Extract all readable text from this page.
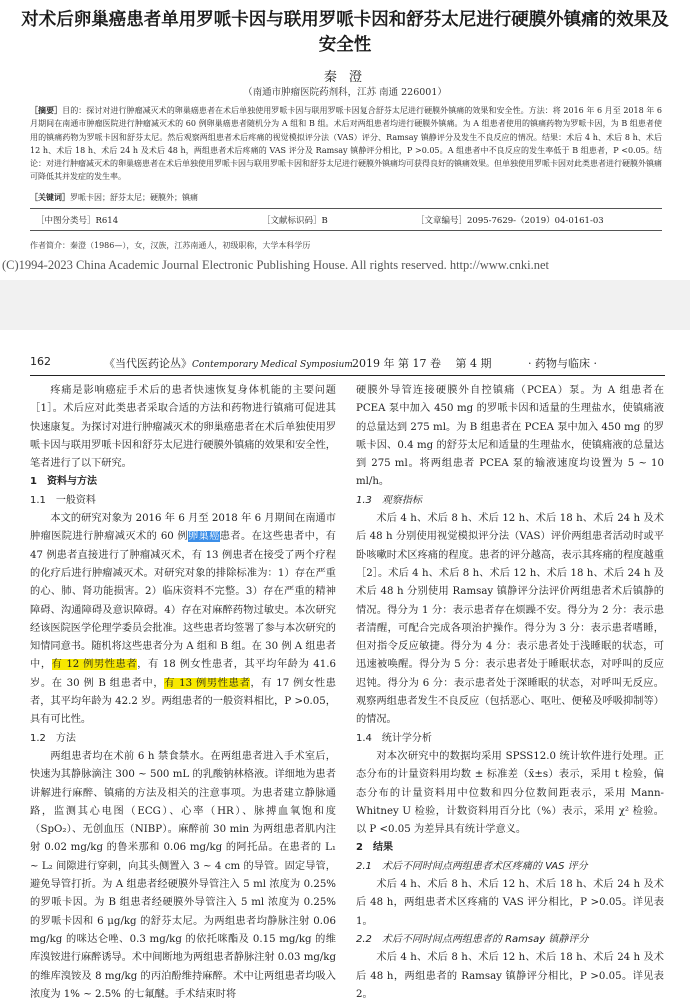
对术后卵巢癌患者单用罗哌卡因与联用罗哌卡因和舒芬太尼进行硬膜外镇痛的效果及安全性
秦 澄
（南通市肿瘤医院药剂科，江苏 南通 226001）
［摘要］目的：探讨对进行肿瘤减灭术的卵巢癌患者在术后单独使用罗哌卡因与联用罗哌卡因复合舒芬太尼进行硬膜外镇痛的效果和安全性。方法：将 2016 年 6 月至 2018 年 6 月期间在南通市肿瘤医院进行肿瘤减灭术的 60 例卵巢癌患者随机分为 A 组和 B 组。术后对两组患者均进行硬膜外镇痛。为 A 组患者使用的镇痛药物为罗哌卡因，为 B 组患者使用的镇痛药物为罗哌卡因和舒芬太尼。然后观察两组患者术后疼痛的视觉模拟评分法（VAS）评分、Ramsay 镇静评分及发生不良反应的情况。结果：术后 4 h、术后 8 h、术后 12 h、术后 18 h、术后 24 h 及术后 48 h，两组患者术后疼痛的 VAS 评分及 Ramsay 镇静评分相比，P >0.05。A 组患者中不良反应的发生率低于 B 组患者，P <0.05。结论：对进行肿瘤减灭术的卵巢癌患者在术后单独使用罗哌卡因与联用罗哌卡因和舒芬太尼进行硬膜外镇痛均可获得良好的镇痛效果。但单独使用罗哌卡因对此类患者进行硬膜外镇痛可降低其并发症的发生率。
［关键词］罗哌卡因；舒芬太尼；硬膜外；镇痛
［中图分类号］R614	［文献标识码］B	［文章编号］2095-7629-（2019）04-0161-03
作者简介：秦澄（1986—），女，汉族，江苏南通人，初级职称，大学本科学历
(C)1994-2023 China Academic Journal Electronic Publishing House. All rights reserved. http://www.cnki.net
162	《当代医药论丛》Contemporary Medical Symposium 2019 年 第 17 卷　 第 4 期	· 药物与临床 ·

疼痛是影响癌症手术后的患者快速恢复身体机能的主要问题［1］。术后应对此类患者采取合适的方法和药物进行镇痛可促进其快速康复。为探讨对进行肿瘤减灭术的卵巢癌患者在术后单独使用罗哌卡因与联用罗哌卡因和舒芬太尼进行硬膜外镇痛的效果和安全性，笔者进行了以下研究。

1　资料与方法
1.1　一般资料

本文的研究对象为 2016 年 6 月至 2018 年 6 月期间在南通市肿瘤医院进行肿瘤减灭术的 60 例卵巢癌患者。在这些患者中，有 47 例患者直接进行了肿瘤减灭术，有 13 例患者在接受了两个疗程的化疗后进行肿瘤减灭术。对研究对象的排除标准为：1）存在严重的心、肺、肾功能损害。2）临床资料不完整。3）存在严重的精神障碍、沟通障碍及意识障碍。4）存在对麻醉药物过敏史。本次研究经该医院医学伦理学委员会批准。这些患者均签署了参与本次研究的知情同意书。随机将这些患者分为 A 组和 B 组。在 30 例 A 组患者中，有 12 例男性患者，有 18 例女性患者，其平均年龄为 41.6 岁。在 30 例 B 组患者中，有 13 例男性患者，有 17 例女性患者，其平均年龄为 42.2 岁。两组患者的一般资料相比，P >0.05，具有可比性。

1.2　方法

两组患者均在术前 6 h 禁食禁水。在两组患者进入手术室后，快速为其静脉滴注 300 ~ 500 mL 的乳酸钠林格液。详细地为患者讲解进行麻醉、镇痛的方法及相关的注意事项。为患者建立静脉通路，监测其心电图（ECG）、心率（HR）、脉搏血氧饱和度（SpO₂）、无创血压（NIBP）。麻醉前 30 min 为两组患者肌内注射 0.02 mg/kg 的鲁米那和 0.06 mg/kg 的阿托品。在患者的 L₁ ~ L₂ 间隙进行穿刺，向其头侧置入 3 ~ 4 cm 的导管。固定导管，避免导管打折。为 A 组患者经硬膜外导管注入 5 ml 浓度为 0.25% 的罗哌卡因。为 B 组患者经硬膜外导管注入 5 ml 浓度为 0.25% 的罗哌卡因和 6 μg/kg 的舒芬太尼。为两组患者均静脉注射 0.06 mg/kg 的咪达仑唑、0.3 mg/kg 的依托咪酯及 0.15 mg/kg 的维库溴铵进行麻醉诱导。术中间断地为两组患者静脉注射 0.03 mg/kg 的维库溴铵及 8 mg/kg 的丙泊酚维持麻醉。术中让两组患者均吸入浓度为 1% ~ 2.5% 的七氟醚。手术结束时将

硬膜外导管连接硬膜外自控镇痛（PCEA）泵。为 A 组患者在 PCEA 泵中加入 450 mg 的罗哌卡因和适量的生理盐水，使镇痛液的总量达到 275 ml。为 B 组患者在 PCEA 泵中加入 450 mg 的罗哌卡因、0.4 mg 的舒芬太尼和适量的生理盐水，使镇痛液的总量达到 275 ml。将两组患者 PCEA 泵的输液速度均设置为 5 ~ 10 ml/h。

1.3　观察指标

术后 4 h、术后 8 h、术后 12 h、术后 18 h、术后 24 h 及术后 48 h 分别使用视觉模拟评分法（VAS）评价两组患者活动时或平卧咳嗽时术区疼痛的程度。患者的评分越高，表示其疼痛的程度越重［2］。术后 4 h、术后 8 h、术后 12 h、术后 18 h、术后 24 h 及术后 48 h 分别使用 Ramsay 镇静评分法评价两组患者术后镇静的情况。得分为 1 分：表示患者存在烦躁不安。得分为 2 分：表示患者清醒，可配合完成各项治护操作。得分为 3 分：表示患者嗜睡，但对指令反应敏捷。得分为 4 分：表示患者处于浅睡眠的状态，可迅速被唤醒。得分为 5 分：表示患者处于睡眠状态，对呼叫的反应迟钝。得分为 6 分：表示患者处于深睡眠的状态，对呼叫无反应。观察两组患者发生不良反应（包括恶心、呕吐、便秘及呼吸抑制等）的情况。

1.4　统计学分析

对本次研究中的数据均采用 SPSS12.0 统计软件进行处理。正态分布的计量资料用均数 ± 标准差（x̄±s）表示，采用 t 检验，偏态分布的计量资料用中位数和四分位数间距表示，采用 Mann-Whitney U 检验，计数资料用百分比（%）表示，采用 χ² 检验。以 P <0.05 为差异具有统计学意义。

2　结果
2.1　术后不同时间点两组患者术区疼痛的 VAS 评分

术后 4 h、术后 8 h、术后 12 h、术后 18 h、术后 24 h 及术后 48 h，两组患者术区疼痛的 VAS 评分相比，P >0.05。详见表 1。

2.2　术后不同时间点两组患者的 Ramsay 镇静评分

术后 4 h、术后 8 h、术后 12 h、术后 18 h、术后 24 h 及术后 48 h，两组患者的 Ramsay 镇静评分相比，P >0.05。详见表 2。
